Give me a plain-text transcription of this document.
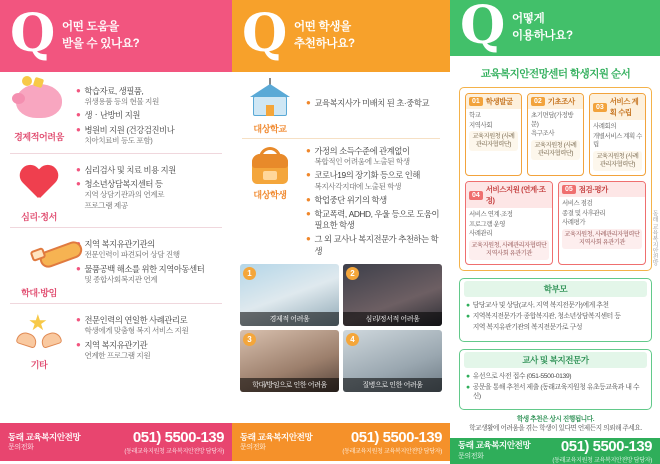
Q 어떤 도움을
받을 수 있나요?
경제적어려움
● 학습자료, 생필품,
위생용품 등의 현물 지원
● 생‧난방비 지원
● 병원비 지원 (건강검진비나
치아치료비 등도 포함)
심리·정서
● 심리검사 및 치료 비용 지원
● 청소년상담복지센터 등
지역 상담기관과의 연계로
프로그램 제공
학대·방임
지역 복지유관기관의
전문인력이 파견되어 상담 진행
● 물품공백 해소를 위한 지역아동센터
및 종합사회복지관 연계
★
기타
● 전문인력의 연일한 사례관리로
학생에게 맞춤형 복지 서비스 지원
● 지역 복지유관기관
연계한 프로그램 지원
동래 교육복지안전망
문의전화
051) 5500-139
(동래교육지원청 교육복지안전망 담당자)
Q 어떤 학생을
추천하나요?
대상학교
● 교육복지사가 미배치 된 초·중학교
대상학생
● 가정의 소득수준에 관계없이
복합적인 어려움에 노출된 학생
● 코로나19의 장기화 등으로 인해
복지사각지대에 노출된 학생
● 학업중단 위기의 학생
● 학교폭력, ADHD, 우울 등으로 도움이 필요한 학생
● 그 외 교사나 복지전문가 추천하는 학생
1
경제적 어려움
2
심리/정서적 어려움
3
학대/방임으로 인한 어려움
4
질병으로 인한 어려움
동래 교육복지안전망
문의전화
051) 5500-139
(동래교육지원청 교육복지안전망 담당자)
Q 어떻게
이용하나요?
교육복지안전망센터 학생지원 순서
01 학생발굴
학교
지역사회
교육지원청 (사례관리자협력단)
02 기초조사
초기면담(가정방문)
욕구조사
교육지원청 (사례관리자협력단)
03
서비스 계획 수립
사례회의
개별서비스 계획 수립
교육지원청 (사례관리자협력단)
04
서비스지원 (연계·조정)
서비스 연계·조정
프로그램 운영
사례관리
교육지원청, 사례관리자협력단 지역사회 유관기관
05 점검·평가
서비스 점검
종결 및 사후관리
사례평가
교육지원청, 사례관리자협력단 지역사회 유관기관
학부모
● 담당교사 및 상담(교사, 지역 복지전문가)에게 추천
● 지역복지전문가가 종합복지관, 청소년상담복지센터 등
지역 복지유관기관의 복지전문가로 구성
교사 및 복지전문가
● 유선으로 사전 접수 (051-5500-0139)
● 공문을 통해 추천서 제출 (동래교육지원청 유초등교육과 내 수신)
학생 추천은 상시 진행됩니다.
학교생활에 어려움을 겪는 학생이 있다면 언제든지 의뢰해 주세요.
동래 교육복지안전망
문의전화
051) 5500-139
(동래교육지원청 교육복지안전망 담당자)
동래 교육복지안전망
